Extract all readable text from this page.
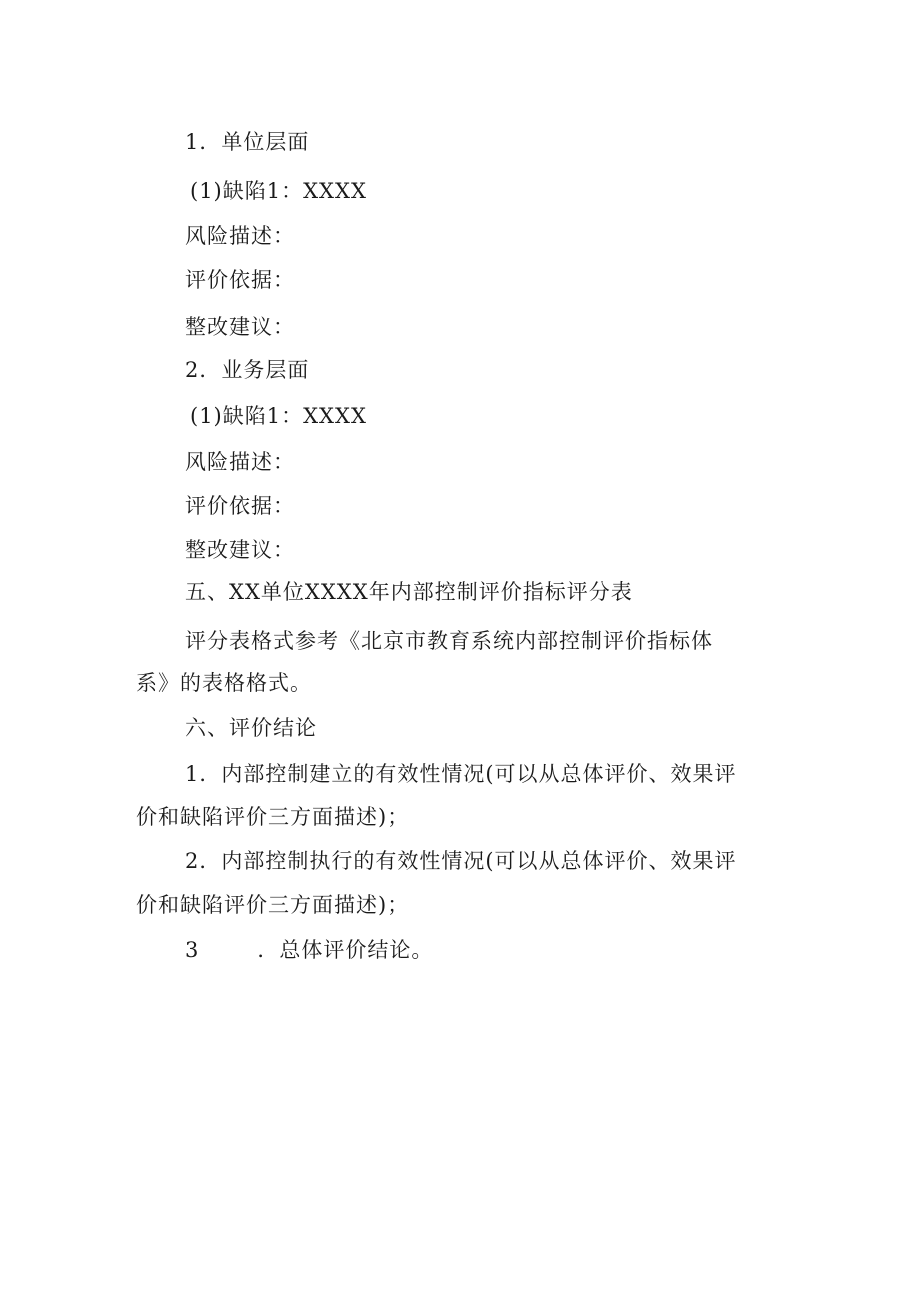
1．单位层面
(1)缺陷1：XXXX
风险描述：
评价依据：
整改建议：
2．业务层面
(1)缺陷1：XXXX
风险描述：
评价依据：
整改建议：
五、XX单位XXXX年内部控制评价指标评分表
评分表格式参考《北京市教育系统内部控制评价指标体
系》的表格格式。
六、评价结论
1．内部控制建立的有效性情况(可以从总体评价、效果评
价和缺陷评价三方面描述)；
2．内部控制执行的有效性情况(可以从总体评价、效果评
价和缺陷评价三方面描述)；
3	．总体评价结论。
